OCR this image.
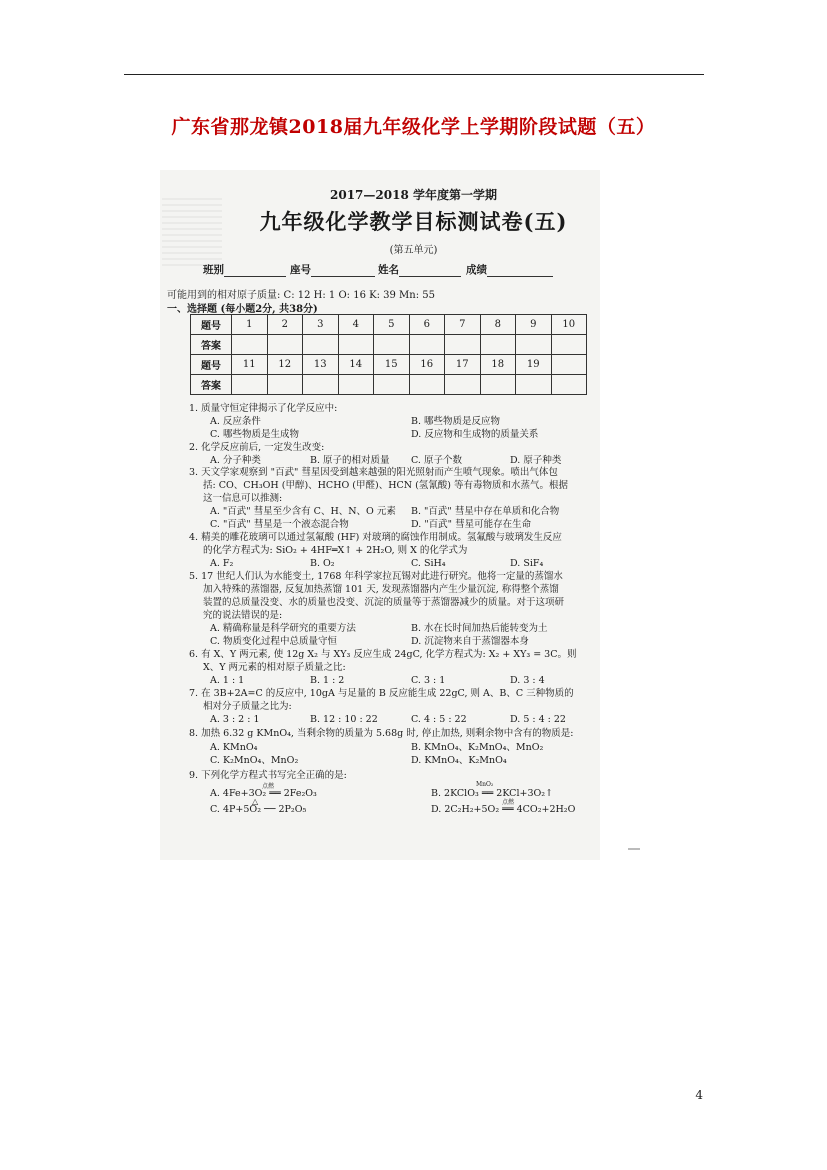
广东省那龙镇2018届九年级化学上学期阶段试题（五）
2017—2018 学年度第一学期
九年级化学教学目标测试卷(五)
(第五单元)
班别	座号	姓名	成绩
可能用到的相对原子质量: C: 12 H: 1 O: 16 K: 39 Mn: 55
一、选择题 (每小题2分, 共38分)
题号	1	2	3	4	5	6	7	8	9	10
答案										
题号	11	12	13	14	15	16	17	18	19	
答案										
1. 质量守恒定律揭示了化学反应中:
A. 反应条件	B. 哪些物质是反应物
C. 哪些物质是生成物	D. 反应物和生成物的质量关系
2. 化学反应前后, 一定发生改变:
A. 分子种类	B. 原子的相对质量 C. 原子个数	D. 原子种类
3. 天文学家观察到 "百武" 彗星因受到越来越强的阳光照射而产生喷气现象。喷出气体包
括: CO、CH₃OH (甲醇)、HCHO (甲醛)、HCN (氢氰酸) 等有毒物质和水蒸气。根据
这一信息可以推测:
A. "百武" 彗星至少含有 C、H、N、O 元素 B. "百武" 彗星中存在单质和化合物
C. "百武" 彗星是一个液态混合物	D. "百武" 彗星可能存在生命
4. 精美的雕花玻璃可以通过氢氟酸 (HF) 对玻璃的腐蚀作用制成。氢氟酸与玻璃发生反应
的化学方程式为: SiO₂ + 4HF═X↑ + 2H₂O, 则 X 的化学式为
A. F₂	B. O₂	C. SiH₄	D. SiF₄
5. 17 世纪人们认为水能变土, 1768 年科学家拉瓦锡对此进行研究。他将一定量的蒸馏水
加入特殊的蒸馏器, 反复加热蒸馏 101 天, 发现蒸馏器内产生少量沉淀, 称得整个蒸馏
装置的总质量没变、水的质量也没变、沉淀的质量等于蒸馏器减少的质量。对于这项研
究的说法错误的是:
A. 精确称量是科学研究的重要方法	B. 水在长时间加热后能转变为土
C. 物质变化过程中总质量守恒	D. 沉淀物来自于蒸馏器本身
6. 有 X、Y 两元素, 使 12g X₂ 与 XY₃ 反应生成 24gC, 化学方程式为: X₂ + XY₃ = 3C。则
X、Y 两元素的相对原子质量之比:
A. 1 : 1	B. 1 : 2	C. 3 : 1	D. 3 : 4
7. 在 3B+2A=C 的反应中, 10gA 与足量的 B 反应能生成 22gC, 则 A、B、C 三种物质的
相对分子质量之比为:
A. 3 : 2 : 1	B. 12 : 10 : 22	C. 4 : 5 : 22	D. 5 : 4 : 22
8. 加热 6.32 g KMnO₄, 当剩余物的质量为 5.68g 时, 停止加热, 则剩余物中含有的物质是:
A. KMnO₄	B. KMnO₄、K₂MnO₄、MnO₂
C. K₂MnO₄、MnO₂	D. KMnO₄、K₂MnO₄
9. 下列化学方程式书写完全正确的是:
点燃
A. 4Fe+3O₂ ══ 2Fe₂O₃
MnO₂
B. 2KClO₃ ══ 2KCl+3O₂↑
△
C. 4P+5O₂ ── 2P₂O₅
点燃
D. 2C₂H₂+5O₂ ══ 4CO₂+2H₂O
4
